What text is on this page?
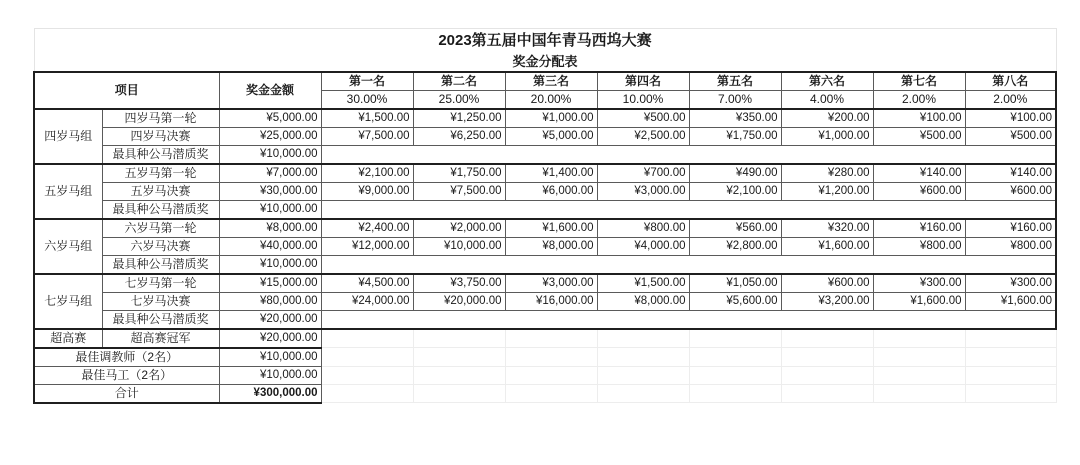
2023第五届中国年青马西坞大赛										
奖金分配表										
项目		奖金金额	第一名	第二名	第三名	第四名	第五名	第六名	第七名	第八名
			30.00%	25.00%	20.00%	10.00%	7.00%	4.00%	2.00%	2.00%
四岁马组	四岁马第一轮	¥5,000.00	¥1,500.00	¥1,250.00	¥1,000.00	¥500.00	¥350.00	¥200.00	¥100.00	¥100.00
	四岁马决赛	¥25,000.00	¥7,500.00	¥6,250.00	¥5,000.00	¥2,500.00	¥1,750.00	¥1,000.00	¥500.00	¥500.00
	最具种公马潜质奖	¥10,000.00								
五岁马组	五岁马第一轮	¥7,000.00	¥2,100.00	¥1,750.00	¥1,400.00	¥700.00	¥490.00	¥280.00	¥140.00	¥140.00
	五岁马决赛	¥30,000.00	¥9,000.00	¥7,500.00	¥6,000.00	¥3,000.00	¥2,100.00	¥1,200.00	¥600.00	¥600.00
	最具种公马潜质奖	¥10,000.00								
六岁马组	六岁马第一轮	¥8,000.00	¥2,400.00	¥2,000.00	¥1,600.00	¥800.00	¥560.00	¥320.00	¥160.00	¥160.00
	六岁马决赛	¥40,000.00	¥12,000.00	¥10,000.00	¥8,000.00	¥4,000.00	¥2,800.00	¥1,600.00	¥800.00	¥800.00
	最具种公马潜质奖	¥10,000.00								
七岁马组	七岁马第一轮	¥15,000.00	¥4,500.00	¥3,750.00	¥3,000.00	¥1,500.00	¥1,050.00	¥600.00	¥300.00	¥300.00
	七岁马决赛	¥80,000.00	¥24,000.00	¥20,000.00	¥16,000.00	¥8,000.00	¥5,600.00	¥3,200.00	¥1,600.00	¥1,600.00
	最具种公马潜质奖	¥20,000.00								
超高赛	超高赛冠军	¥20,000.00								
最佳调教师（2名）		¥10,000.00								
最佳马工（2名）		¥10,000.00								
合计		¥300,000.00								
